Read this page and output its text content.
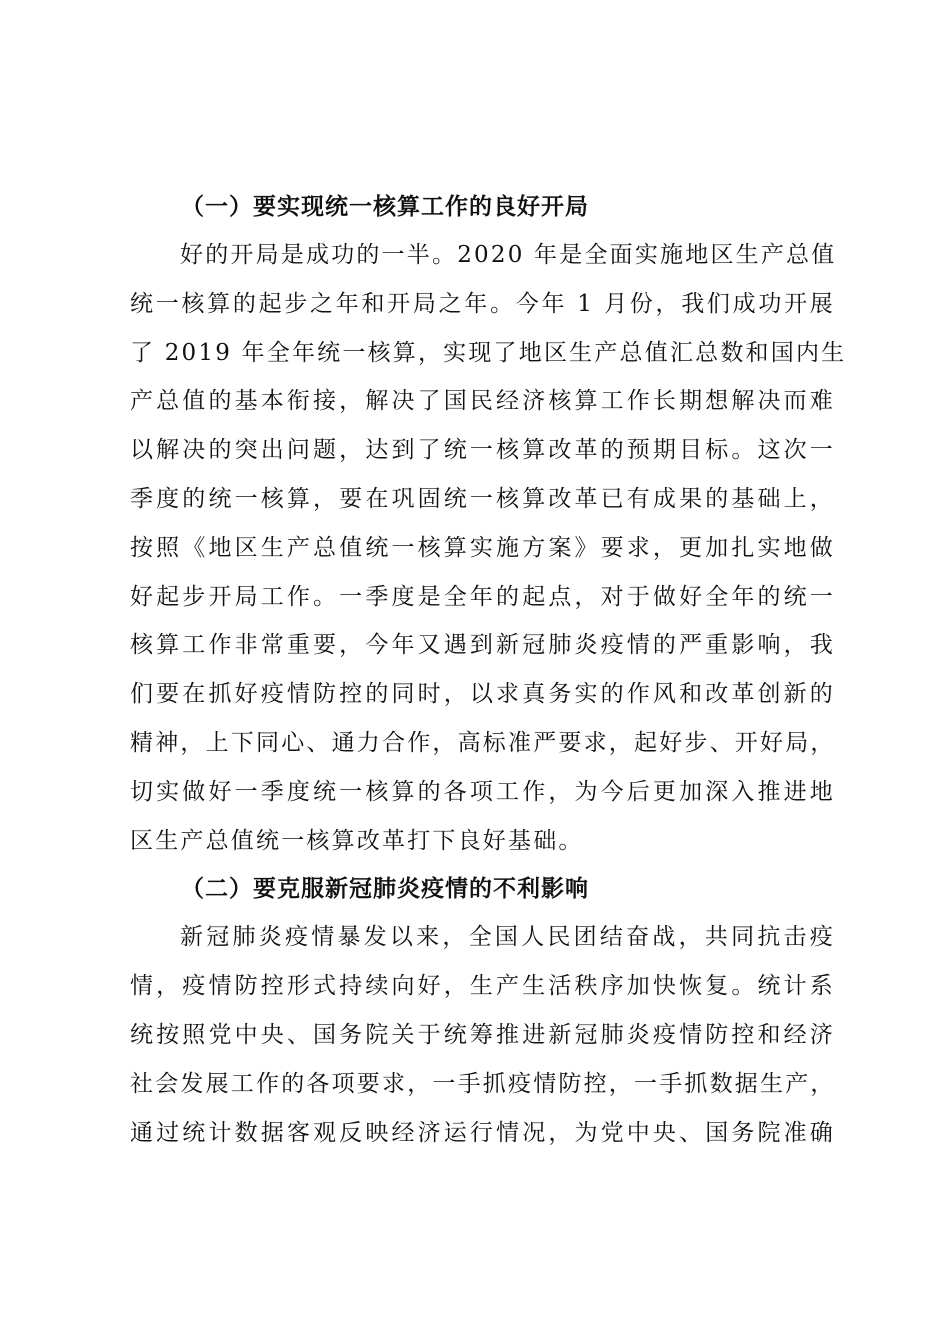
（一）要实现统一核算工作的良好开局
好的开局是成功的一半。2020 年是全面实施地区生产总值
统一核算的起步之年和开局之年。今年 1 月份，我们成功开展
了 2019 年全年统一核算，实现了地区生产总值汇总数和国内生
产总值的基本衔接，解决了国民经济核算工作长期想解决而难
以解决的突出问题，达到了统一核算改革的预期目标。这次一
季度的统一核算，要在巩固统一核算改革已有成果的基础上，
按照《地区生产总值统一核算实施方案》要求，更加扎实地做
好起步开局工作。一季度是全年的起点，对于做好全年的统一
核算工作非常重要，今年又遇到新冠肺炎疫情的严重影响，我
们要在抓好疫情防控的同时，以求真务实的作风和改革创新的
精神，上下同心、通力合作，高标准严要求，起好步、开好局，
切实做好一季度统一核算的各项工作，为今后更加深入推进地
区生产总值统一核算改革打下良好基础。
（二）要克服新冠肺炎疫情的不利影响
新冠肺炎疫情暴发以来，全国人民团结奋战，共同抗击疫
情，疫情防控形式持续向好，生产生活秩序加快恢复。统计系
统按照党中央、国务院关于统筹推进新冠肺炎疫情防控和经济
社会发展工作的各项要求，一手抓疫情防控，一手抓数据生产，
通过统计数据客观反映经济运行情况，为党中央、国务院准确
